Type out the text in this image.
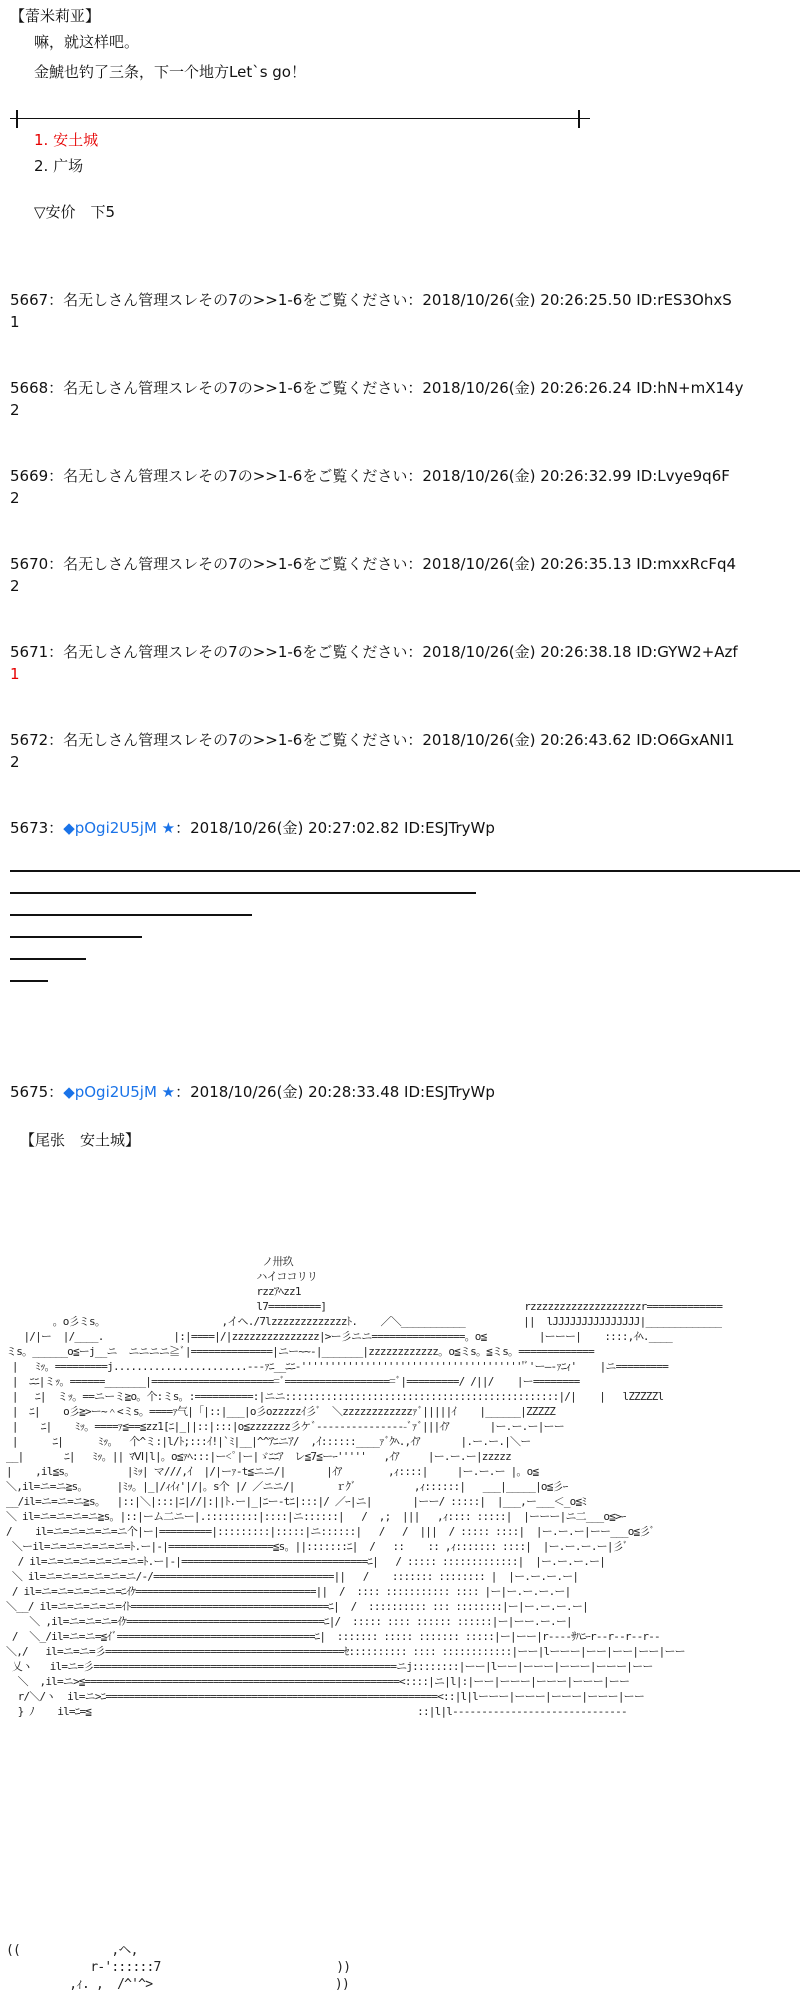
【蕾米莉亚】
嘛，就这样吧。
金鯱也钓了三条，下一个地方Let`s go！
1. 安土城
2. 广场
▽安价　下5
5667：名无しさん管理スレその7の>>1-6をご覧ください：2018/10/26(金) 20:26:25.50 ID:rES3OhxS
1
5668：名无しさん管理スレその7の>>1-6をご覧ください：2018/10/26(金) 20:26:26.24 ID:hN+mX14y
2
5669：名无しさん管理スレその7の>>1-6をご覧ください：2018/10/26(金) 20:26:32.99 ID:Lvye9q6F
2
5670：名无しさん管理スレその7の>>1-6をご覧ください：2018/10/26(金) 20:26:35.13 ID:mxxRcFq4
2
5671：名无しさん管理スレその7の>>1-6をご覧ください：2018/10/26(金) 20:26:38.18 ID:GYW2+Azf
1
5672：名无しさん管理スレその7の>>1-6をご覧ください：2018/10/26(金) 20:26:43.62 ID:O6GxANI1
2
5673：◆pOgi2U5jM ★：2018/10/26(金) 20:27:02.82 ID:ESJTryWp
5675：◆pOgi2U5jM ★：2018/10/26(金) 20:28:33.48 ID:ESJTryWp
【尾张　安土城】
ノ卅玖
ハイココリリ
rzzｱﾍzz1
l7=========]                                  rzzzzzzzzzzzzzzzzzzzr=============
。o彡ミs。                    ,イヘ./7lzzzzzzzzzzzzzﾄ.    ／＼___________          ||  lJJJJJJJJJJJJJJJ|_____________
|/|ー  |/____.            |:|====|/|zzzzzzzzzzzzzzz|>ー彡ニニ================。o≦         |ーーー|    ::::,ｲﾍ.____
ミs。______o≦ーj__ニ  ニニニニ≧ﾞ|==============|ニー~~‐|_______|zzzzzzzzzzzz。o≦ミs。≦ミs。=============
|   ﾐｯ。=========j.......................--‐ｧﾆ__ﾆﾆ-'''''''''''''''''''''''''''''''''''''''ﾞ'ー―-ｧﾆｨ'    |ニ=========
|  ﾆﾆ|ミｯ。======_______|======================ﾞ===================ﾞ|=========/ /||/    |ー========
|   ﾆ|  ミｯ。==ニーミ≧o。个:ミs。:==========:|ニニ:::::::::::::::::::::::::::::::::::::::::::::::|/|    |   lZZZZZl
|  ﾆ|    o彡≧>ー~＾<ミs。====ｧ气|「|::|___|o彡ozzzzzｲ彡ﾞ  ＼zzzzzzzzzzzzｧﾞ|||||ｲ    |______|ZZZZZ
|    ﾆ|    ﾐｯ。====ｧ≦==≦zz1[ﾆ|_||::|:::|o≦zzzzzzz彡ケﾞ----------------ﾞｧﾞ|||ｲｱ       |ー.ー.ー|ーー
|      ﾆ|      ﾐｯ。  个^ミ:|l/ﾄ;:::ｲ!|`ﾐ|__|^^ｱﾆニｱ/  ,ｲ::::::____ｧﾞｸﾍ.,ｲｱ       |.ー.ー.|＼ー
__|       ﾆ|   ﾐｯ。|| ﾏⅥ|l|。o≦ｧﾍ:::|ー<ﾟ|ー|ゞﾆﾆｱ  レ≦7≦ーｰ'''''   ,ｲｱ     |ー.ー.ー|zzzzz
|    ,il≦s。         |ﾐｯ| マ///,ｲ  |/|ーｧ-t≦ニニ/|       |ｲｱ        ,ｨ::::|     |ー.ー.ー |。o≦
＼,il=ニ=ニ≧s。     |ﾐｯ。|_|/ｨｲｨ'|/|。s个 |/ ／ニニ/|       ｒｸﾞ          ,ｨ::::::|   ___|_____|o≦彡ｰ
__/il=ニ=ニ=ニ≧s。  |::|＼|:::|ﾆ|//|:||ﾄ.ー|_|ﾆー-tﾆ|:::|/ ／ｰ|ニ|       |ーー/ :::::|  |___,ー___＜_o≦ﾐ
＼ il=ニ=ニ=ニ=ニ≧s。|::|ーム二ニー|.:::::::::|::::|ニ::::::|   /  ,;  |||   ,ｨ:::: :::::|  |ーーー|ニ二___o≦>ｰ
/    il=ニ=ニ=ニ=ニ=ニ个|ー|=========|:::::::::|:::::|ニ::::::|   /   /  |||  / ::::: ::::|  |ー.ー.ー|ーー___o≦彡ﾞ
＼ーil=ニ=ニ=ニ=ニ=ニ=ﾄ.ー|-|==================≦s。||:::::::ﾆ|  /   ::    :: ,ｨ::::::: ::::|  |ー.ー.ー.ー|彡ﾞ
/ il=ニ=ニ=ニ=ニ=ニ=ニ=ﾄ.ー|-|================================ﾆ|   / ::::: :::::::::::::|  |ー.ー.ー.ー|
＼ il=ニ=ニ=ニ=ニ=ニ=ニ/-/===============================||   /    ::::::: :::::::: |  |ー.ー.ー.ー|
/ il=ニ=ニ=ニ=ニ=ニ=ﾆｲｹ===============================||  /  :::: ::::::::::: :::: |ー|ー.ー.ー.ー|
＼__/ il=ニ=ニ=ニ=ニ=ｲﾄ==================================ﾆ|  /  :::::::::: ::: ::::::::|ー|ー.ー.ー.ー|
＼ ,il=ニ=ニ=ニ=ｲｹ==================================ﾆ|/  ::::: :::: :::::: ::::::|ー|ーー.ー.ー|
/  ＼_/il=ニ=ニ=≦ｲﾞ==================================ﾆ|  ::::::: ::::: ::::::: :::::|ー|ーー|r‐‐‐‐ｻﾊﾆｰr‐‐r‐‐r‐‐r‐‐
＼,/   il=ニ=ニ=彡=========================================ｾ:::::::::: :::: ::::::::::::|ーー|lーーー|ーー|ーー|ーー|ーー
乂ヽ   il=ニ=彡====================================================ニj::::::::|ーー|lーー|ーーー|ーーー|ーーー|ーー
＼  ,il=ニ>≦======================================================<::::|ニ|l|:|ーー|ーーー|ーーー|ーーー|ーー
r/＼/ヽ  il=ニ>ﾆ=========================================================<::|l|lーーー|ーーー|ーーー|ーーー|ーー
} ﾉ    il=ﾆ=≦                                                        ::|l|l‐‐‐‐‐‐‐‐‐‐‐‐‐‐‐‐‐‐‐‐‐‐‐‐‐‐‐‐‐‐
((             ,ヘ,
r‐'::::::7                         ))
,ｨ. ,  /^'^>                          ))
